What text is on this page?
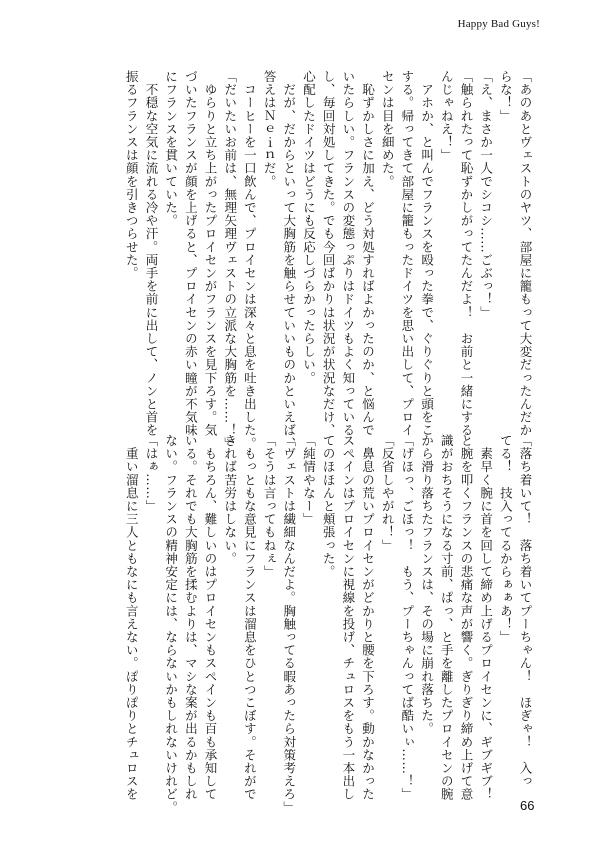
Happy Bad Guys!
「あのあとヴェストのヤツ、部屋に籠もって大変だったんだか
らな！」
「え、まさか一人でシコシ……ごぶっ！」
「触られたって恥ずかしがってたんだよ！　お前と一緒にする
んじゃねえ！」
　アホか、と叫んでフランスを殴った拳で、ぐりぐりと頭をこ
する。帰ってきて部屋に籠もったドイツを思い出して、プロイ
センは目を細めた。
　恥ずかしさに加え、どう対処すればよかったのか、と悩んで
いたらしい。フランスの変態っぷりはドイツもよく知っている
し、毎回対処してきた。でも今回ばかりは状況が状況なだけ、
心配したドイツはどうにも反応しづらかったらしい。
　だが、だからといって大胸筋を触らせていいものかといえば、
答えはＮｅｉｎだ。
　コーヒーを一口飲んで、プロイセンは深々と息を吐き出した。
「だいたいお前は、無理矢理ヴェストの立派な大胸筋を……！」
　ゆらりと立ち上がったプロイセンがフランスを見下ろす。気
づいたフランスが顔を上げると、プロイセンの赤い瞳が不気味
にフランスを貫いていた。
　不穏な空気に流れる冷や汗。両手を前に出して、ノンと首を
振るフランスは顔を引きつらせた。
「落ち着いて！　落ち着いてプーちゃん！　ほぎゃ！　入っ
てる！　技入ってるからぁぁあ！」
　素早く腕に首を回して締め上げるプロイセンに、ギブギブ！
と腕を叩くフランスの悲痛な声が響く。ぎりぎり締め上げて意
識がおちそうになる寸前、ぱっ、と手を離したプロイセンの腕
から滑り落ちたフランスは、その場に崩れ落ちた。
「げほっ、ごほっ！　もう、プーちゃんってば酷いぃ……！」
「反省しやがれ！」
　鼻息の荒いプロイセンがどかりと腰を下ろす。動かなかった
スペインはプロイセンに視線を投げ、チュロスをもう一本出し
てのほほんと頬張った。
「純情やなー」
「ヴェストは繊細なんだよ。胸触ってる暇あったら対策考えろ」
「そうは言ってもねぇ」
　もっともな意見にフランスは溜息をひとつこぼす。それがで
きれば苦労はしない。
　もちろん、難しいのはプロイセンもスペインも百も承知して
いる。それでも大胸筋を揉むよりは、マシな案が出るかもしれ
ない。フランスの精神安定には、ならないかもしれないけれど。
「はぁ……」
　重い溜息に三人ともなにも言えない。ぽりぽりとチュロスを
66
